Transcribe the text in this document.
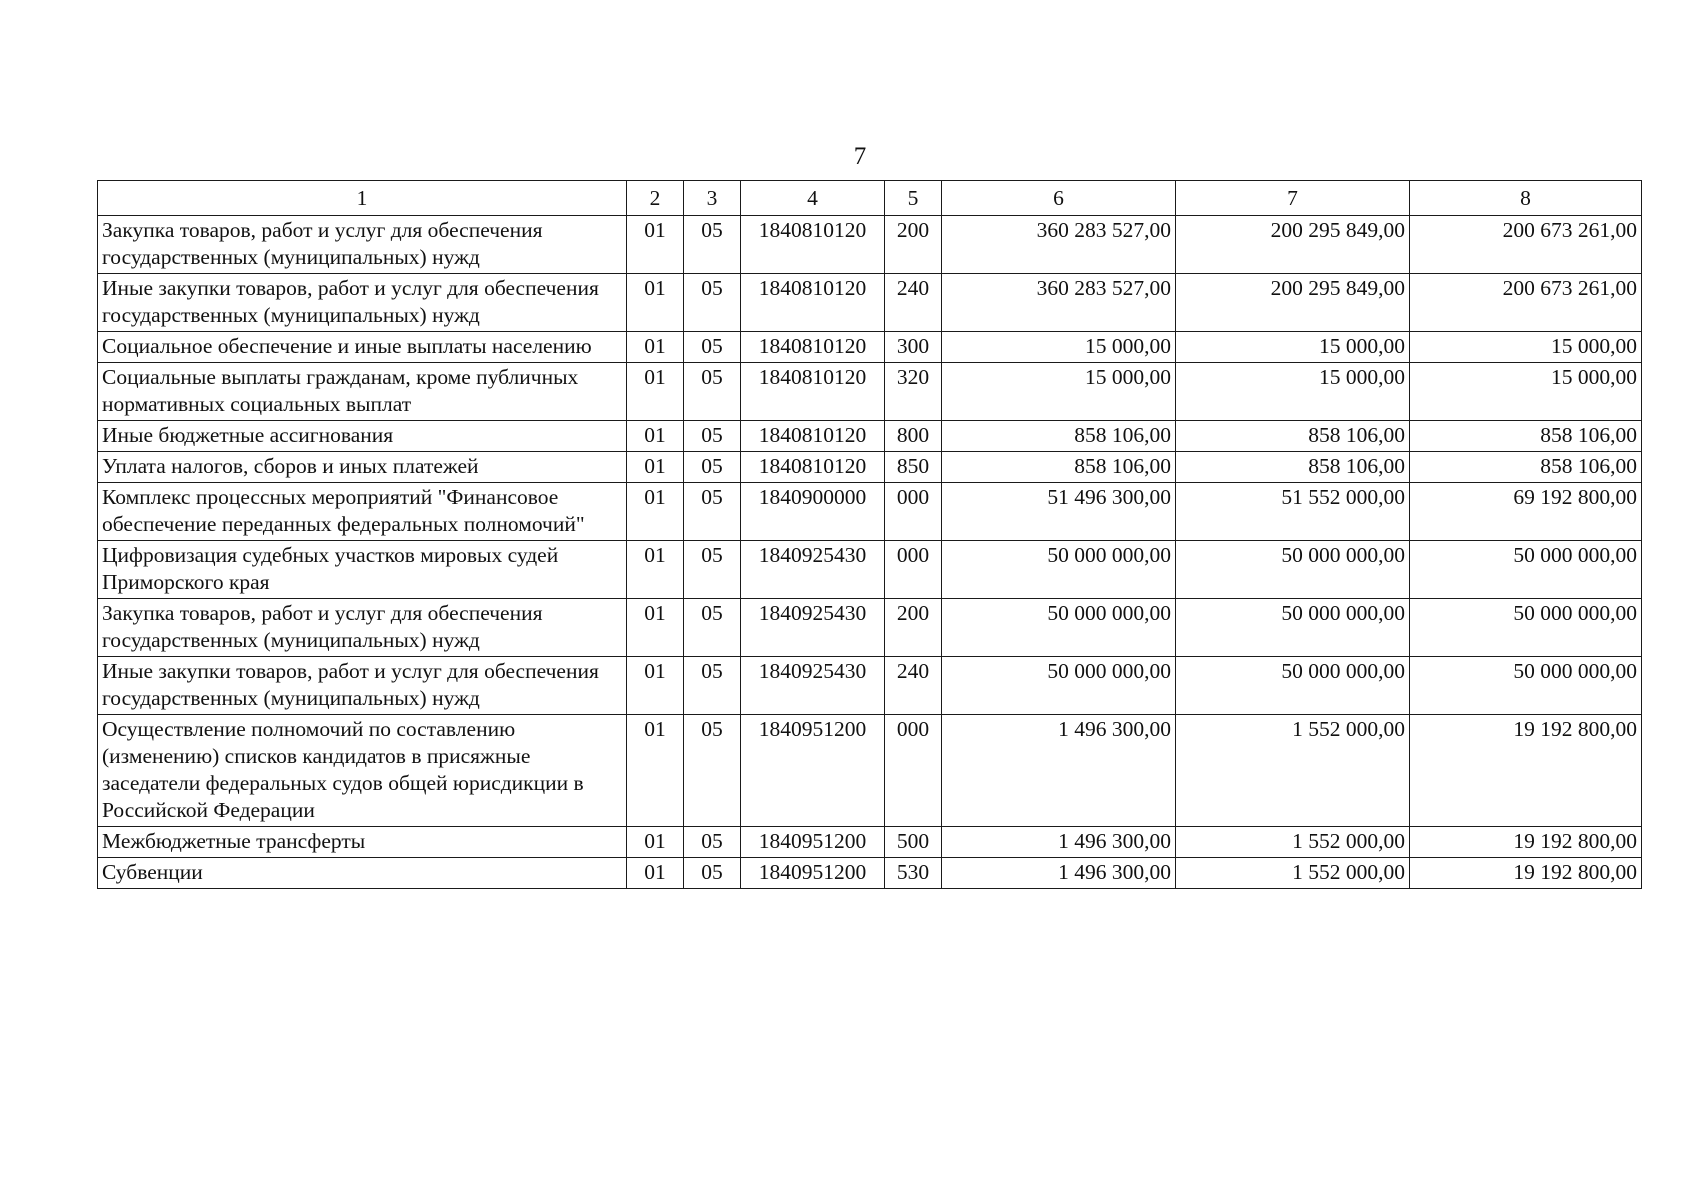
7
1	2	3	4	5	6	7	8
Закупка товаров, работ и услуг для обеспечения государственных (муниципальных) нужд	01	05	1840810120	200	360 283 527,00	200 295 849,00	200 673 261,00
Иные закупки товаров, работ и услуг для обеспечения государственных (муниципальных) нужд	01	05	1840810120	240	360 283 527,00	200 295 849,00	200 673 261,00
Социальное обеспечение и иные выплаты населению	01	05	1840810120	300	15 000,00	15 000,00	15 000,00
Социальные выплаты гражданам, кроме публичных нормативных социальных выплат	01	05	1840810120	320	15 000,00	15 000,00	15 000,00
Иные бюджетные ассигнования	01	05	1840810120	800	858 106,00	858 106,00	858 106,00
Уплата налогов, сборов и иных платежей	01	05	1840810120	850	858 106,00	858 106,00	858 106,00
Комплекс процессных мероприятий "Финансовое обеспечение переданных федеральных полномочий"	01	05	1840900000	000	51 496 300,00	51 552 000,00	69 192 800,00
Цифровизация судебных участков мировых судей Приморского края	01	05	1840925430	000	50 000 000,00	50 000 000,00	50 000 000,00
Закупка товаров, работ и услуг для обеспечения государственных (муниципальных) нужд	01	05	1840925430	200	50 000 000,00	50 000 000,00	50 000 000,00
Иные закупки товаров, работ и услуг для обеспечения государственных (муниципальных) нужд	01	05	1840925430	240	50 000 000,00	50 000 000,00	50 000 000,00
Осуществление полномочий по составлению (изменению) списков кандидатов в присяжные заседатели федеральных судов общей юрисдикции в Российской Федерации	01	05	1840951200	000	1 496 300,00	1 552 000,00	19 192 800,00
Межбюджетные трансферты	01	05	1840951200	500	1 496 300,00	1 552 000,00	19 192 800,00
Субвенции	01	05	1840951200	530	1 496 300,00	1 552 000,00	19 192 800,00
